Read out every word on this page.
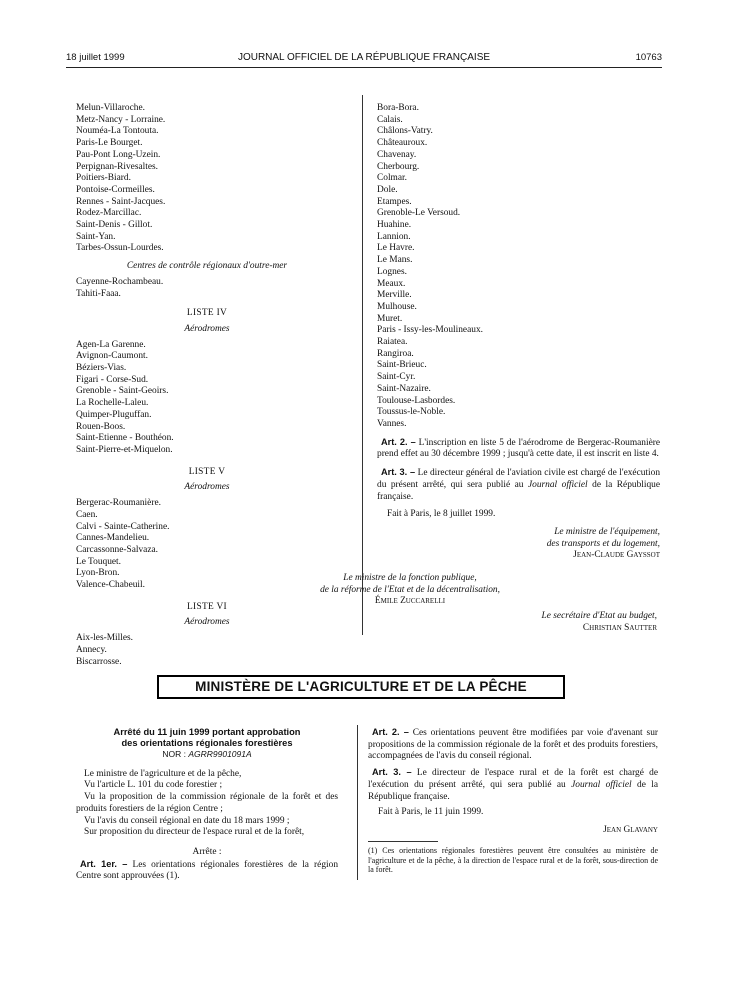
18 juillet 1999	JOURNAL OFFICIEL DE LA RÉPUBLIQUE FRANÇAISE	10763
Melun-Villaroche.
Metz-Nancy - Lorraine.
Nouméa-La Tontouta.
Paris-Le Bourget.
Pau-Pont Long-Uzein.
Perpignan-Rivesaltes.
Poitiers-Biard.
Pontoise-Cormeilles.
Rennes - Saint-Jacques.
Rodez-Marcillac.
Saint-Denis - Gillot.
Saint-Yan.
Tarbes-Ossun-Lourdes.
Centres de contrôle régionaux d'outre-mer
Cayenne-Rochambeau.
Tahiti-Faaa.
LISTE IV
Aérodromes
Agen-La Garenne.
Avignon-Caumont.
Béziers-Vias.
Figari - Corse-Sud.
Grenoble - Saint-Geoirs.
La Rochelle-Laleu.
Quimper-Pluguffan.
Rouen-Boos.
Saint-Etienne - Bouthéon.
Saint-Pierre-et-Miquelon.
LISTE V
Aérodromes
Bergerac-Roumanière.
Caen.
Calvi - Sainte-Catherine.
Cannes-Mandelieu.
Carcassonne-Salvaza.
Le Touquet.
Lyon-Bron.
Valence-Chabeuil.
LISTE VI
Aérodromes
Aix-les-Milles.
Annecy.
Biscarrosse.
Bora-Bora.
Calais.
Châlons-Vatry.
Châteauroux.
Chavenay.
Cherbourg.
Colmar.
Dole.
Etampes.
Grenoble-Le Versoud.
Huahine.
Lannion.
Le Havre.
Le Mans.
Lognes.
Meaux.
Merville.
Mulhouse.
Muret.
Paris - Issy-les-Moulineaux.
Raiatea.
Rangiroa.
Saint-Brieuc.
Saint-Cyr.
Saint-Nazaire.
Toulouse-Lasbordes.
Toussus-le-Noble.
Vannes.
Art. 2. – L'inscription en liste 5 de l'aérodrome de Bergerac-Roumanière prend effet au 30 décembre 1999 ; jusqu'à cette date, il est inscrit en liste 4.
Art. 3. – Le directeur général de l'aviation civile est chargé de l'exécution du présent arrêté, qui sera publié au Journal officiel de la République française.
Fait à Paris, le 8 juillet 1999.
Le ministre de l'équipement,
des transports et du logement,
Jean-Claude Gayssot
Le ministre de la fonction publique,
de la réforme de l'Etat et de la décentralisation,
Émile Zuccarelli
Le secrétaire d'Etat au budget,
Christian Sautter
MINISTÈRE DE L'AGRICULTURE ET DE LA PÊCHE
Arrêté du 11 juin 1999 portant approbation
des orientations régionales forestières
NOR : AGRR9901091A
Le ministre de l'agriculture et de la pêche,
Vu l'article L. 101 du code forestier ;
Vu la proposition de la commission régionale de la forêt et des produits forestiers de la région Centre ;
Vu l'avis du conseil régional en date du 18 mars 1999 ;
Sur proposition du directeur de l'espace rural et de la forêt,
Arrête :
Art. 1er. – Les orientations régionales forestières de la région Centre sont approuvées (1).
Art. 2. – Ces orientations peuvent être modifiées par voie d'avenant sur propositions de la commission régionale de la forêt et des produits forestiers, accompagnées de l'avis du conseil régional.
Art. 3. – Le directeur de l'espace rural et de la forêt est chargé de l'exécution du présent arrêté, qui sera publié au Journal officiel de la République française.
Fait à Paris, le 11 juin 1999.
Jean Glavany
(1) Ces orientations régionales forestières peuvent être consultées au ministère de l'agriculture et de la pêche, à la direction de l'espace rural et de la forêt, sous-direction de la forêt.
